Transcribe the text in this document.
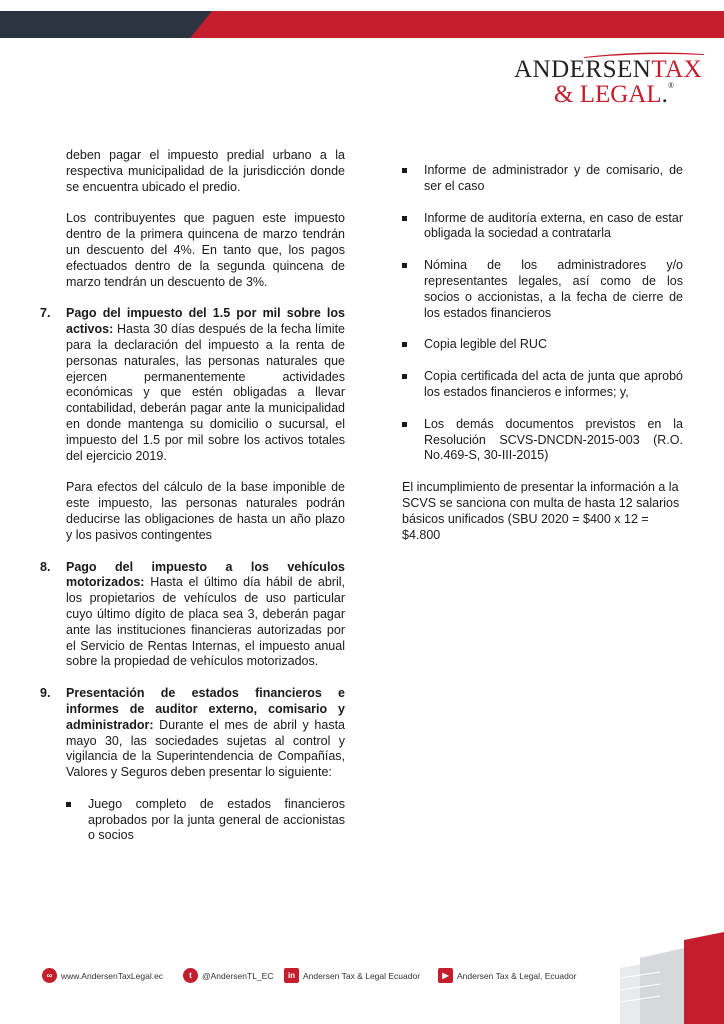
ANDERSENTAX
& LEGAL.®

deben pagar el impuesto predial urbano a la respectiva municipalidad de la jurisdicción donde se encuentra ubicado el predio.

Los contribuyentes que paguen este impuesto dentro de la primera quincena de marzo tendrán un descuento del 4%. En tanto que, los pagos efectuados dentro de la segunda quincena de marzo tendrán un descuento de 3%.

7. Pago del impuesto del 1.5 por mil sobre los activos: Hasta 30 días después de la fecha límite para la declaración del impuesto a la renta de personas naturales, las personas naturales que ejercen permanentemente actividades económicas y que estén obligadas a llevar contabilidad, deberán pagar ante la municipalidad en donde mantenga su domicilio o sucursal, el impuesto del 1.5 por mil sobre los activos totales del ejercicio 2019.

Para efectos del cálculo de la base imponible de este impuesto, las personas naturales podrán deducirse las obligaciones de hasta un año plazo y los pasivos contingentes

8. Pago del impuesto a los vehículos motorizados: Hasta el último día hábil de abril, los propietarios de vehículos de uso particular cuyo último dígito de placa sea 3, deberán pagar ante las instituciones financieras autorizadas por el Servicio de Rentas Internas, el impuesto anual sobre la propiedad de vehículos motorizados.
9. Presentación de estados financieros e informes de auditor externo, comisario y administrador: Durante el mes de abril y hasta mayo 30, las sociedades sujetas al control y vigilancia de la Superintendencia de Compañías, Valores y Seguros deben presentar lo siguiente:
Juego completo de estados financieros aprobados por la junta general de accionistas o socios
Informe de administrador y de comisario, de ser el caso
Informe de auditoría externa, en caso de estar obligada la sociedad a contratarla
Nómina de los administradores y/o representantes legales, así como de los socios o accionistas, a la fecha de cierre de los estados financieros
Copia legible del RUC
Copia certificada del acta de junta que aprobó los estados financieros e informes; y,
Los demás documentos previstos en la Resolución SCVS-DNCDN-2015-003 (R.O. No.469-S, 30-III-2015)

El incumplimiento de presentar la información a la SCVS se sanciona con multa de hasta 12 salarios básicos unificados (SBU 2020 = $400 x 12 = $4.800

∞	www.AndersenTaxLegal.ec	t	@AndersenTL_EC	in Andersen Tax & Legal Ecuador	▶ Andersen Tax & Legal, Ecuador
